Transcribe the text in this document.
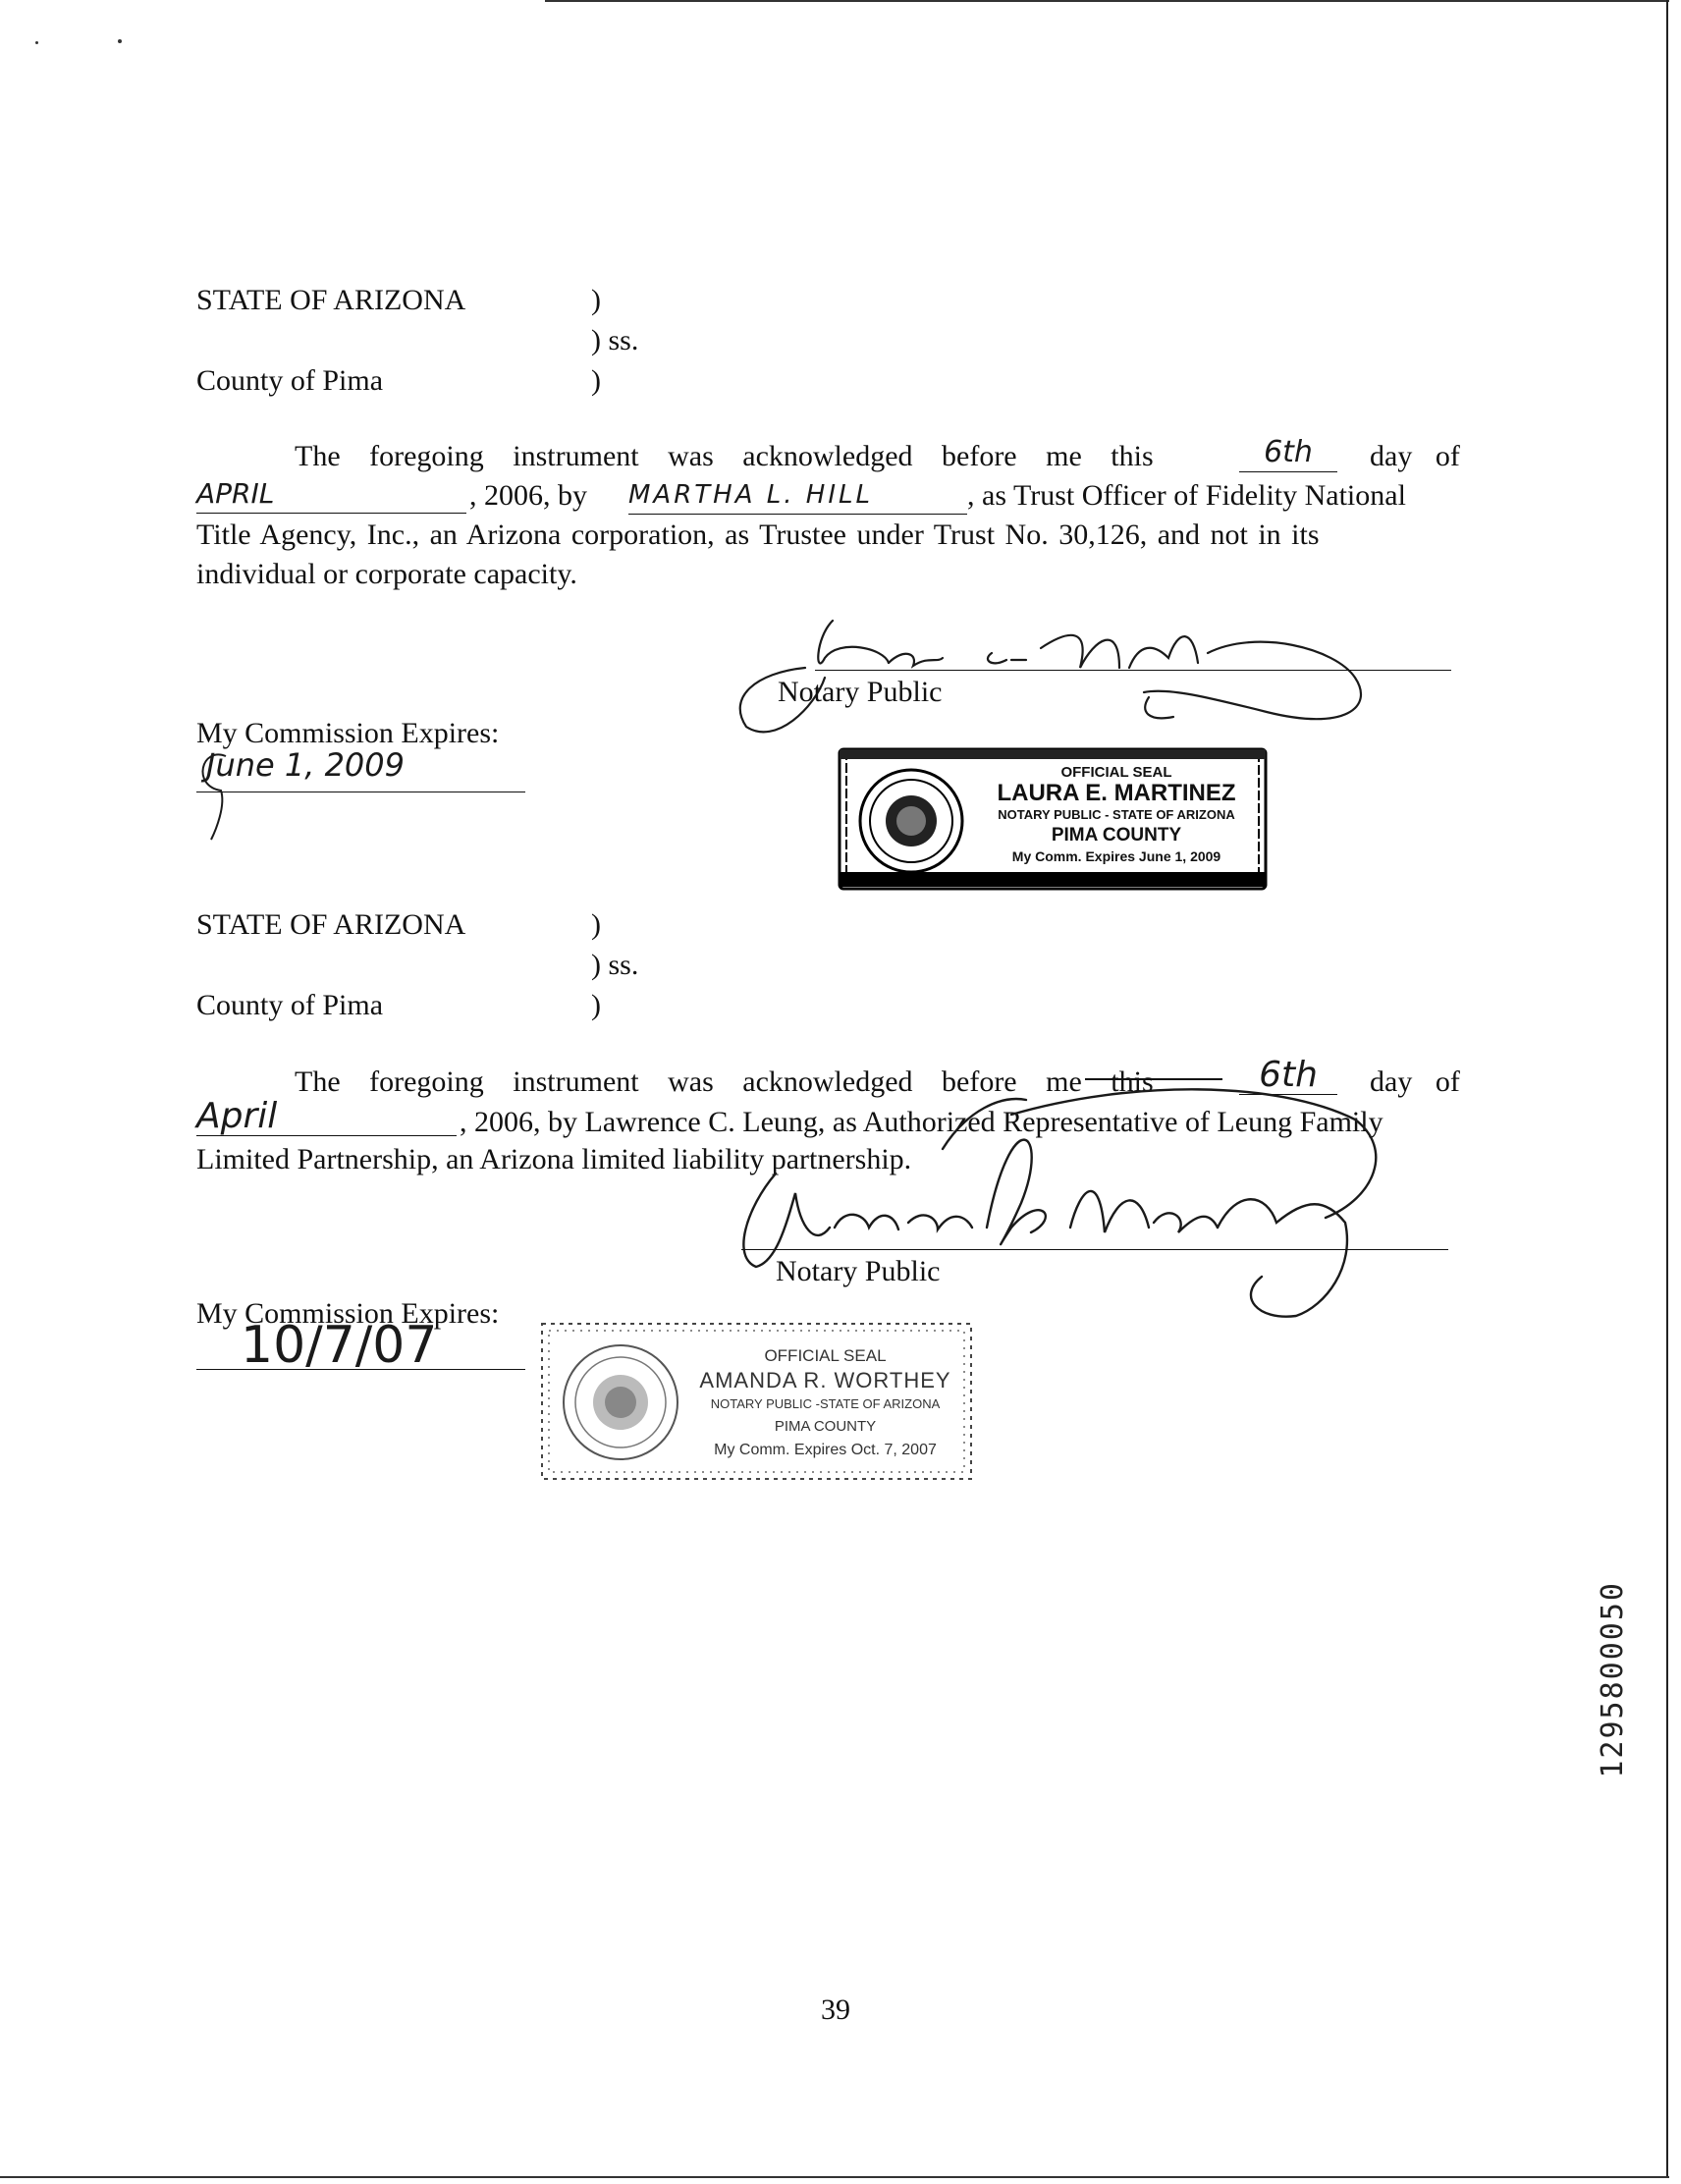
STATE OF ARIZONA	)
) ss.
County of Pima	)
The foregoing instrument was acknowledged before me this	6th	day of
APRIL	, 2006, by MARTHA L. HILL	, as Trust Officer of Fidelity National
Title Agency, Inc., an Arizona corporation, as Trustee under Trust No. 30,126, and not in its
individual or corporate capacity.
Notary Public
My Commission Expires:
June 1, 2009	OFFICIAL SEAL
LAURA E. MARTINEZ
NOTARY PUBLIC - STATE OF ARIZONA
PIMA COUNTY
My Comm. Expires June 1, 2009
STATE OF ARIZONA	)
) ss.
County of Pima	)
The foregoing instrument was acknowledged before me this	6th	day of
April	, 2006, by Lawrence C. Leung, as Authorized Representative of Leung Family
Limited Partnership, an Arizona limited liability partnership.
Notary Public
My Commission Expires:
10/7/07	OFFICIAL SEAL
AMANDA R. WORTHEY
NOTARY PUBLIC -STATE OF ARIZONA
PIMA COUNTY
My Comm. Expires Oct. 7, 2007
1295800050
39
